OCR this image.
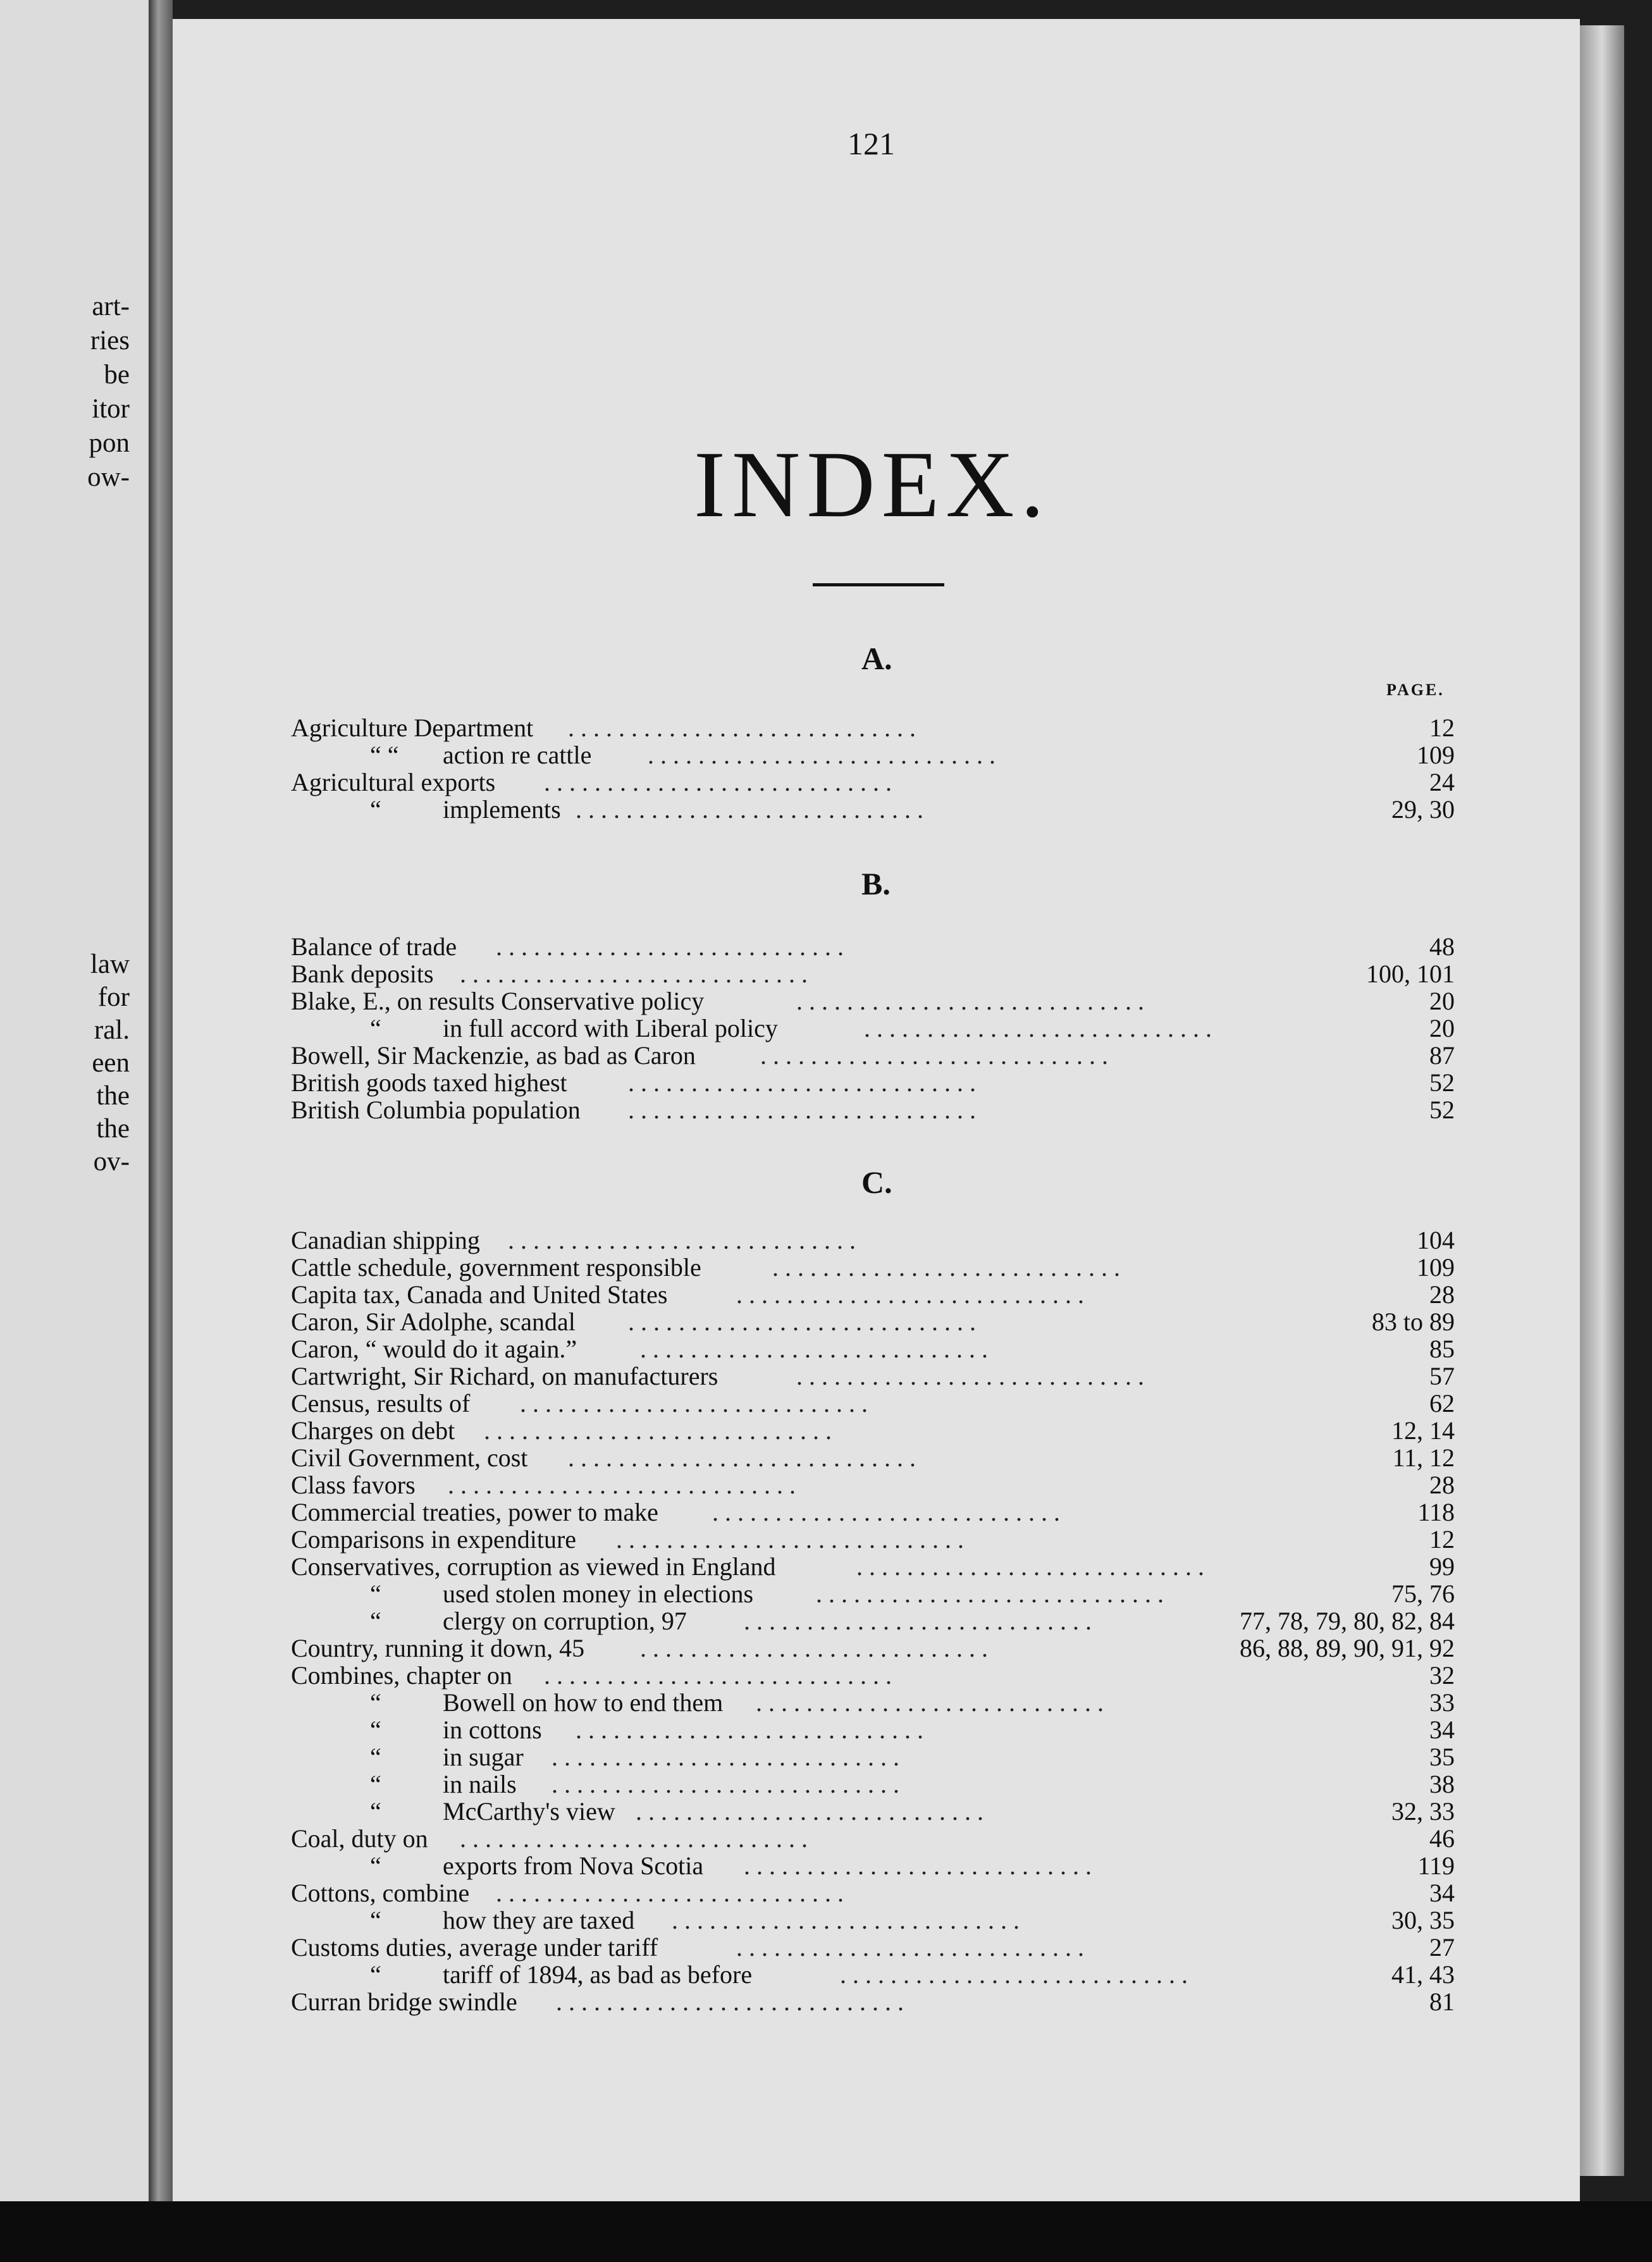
art-
ries
be
itor
pon
ow-
law
for
ral.
een
the
the
ov-
121
INDEX.
PAGE.
A.
Agriculture Department . . . . . . . . . . . . . . . . . . . . . . . . . . . .	12
“ “ action re cattle . . . . . . . . . . . . . . . . . . . . . . . . . . . .	109
Agricultural exports . . . . . . . . . . . . . . . . . . . . . . . . . . . .	24
“ implements . . . . . . . . . . . . . . . . . . . . . . . . . . . .	29, 30
B.
Balance of trade . . . . . . . . . . . . . . . . . . . . . . . . . . . .	48
Bank deposits . . . . . . . . . . . . . . . . . . . . . . . . . . . .	100, 101
Blake, E., on results Conservative policy	. . . . . . . . . . . . . . . . . . . . . . . . . . . .	20
“ in full accord with Liberal policy	. . . . . . . . . . . . . . . . . . . . . . . . . . . .	20
Bowell, Sir Mackenzie, as bad as Caron	. . . . . . . . . . . . . . . . . . . . . . . . . . . .	87
British goods taxed highest . . . . . . . . . . . . . . . . . . . . . . . . . . . .	52
British Columbia population . . . . . . . . . . . . . . . . . . . . . . . . . . . .	52
C.
Canadian shipping . . . . . . . . . . . . . . . . . . . . . . . . . . . .	104
Cattle schedule, government responsible	. . . . . . . . . . . . . . . . . . . . . . . . . . . .	109
Capita tax, Canada and United States	. . . . . . . . . . . . . . . . . . . . . . . . . . . .	28
Caron, Sir Adolphe, scandal . . . . . . . . . . . . . . . . . . . . . . . . . . . .	83 to 89
Caron, “ would do it again.” . . . . . . . . . . . . . . . . . . . . . . . . . . . .	85
Cartwright, Sir Richard, on manufacturers	. . . . . . . . . . . . . . . . . . . . . . . . . . . .	57
Census, results of . . . . . . . . . . . . . . . . . . . . . . . . . . . .	62
Charges on debt . . . . . . . . . . . . . . . . . . . . . . . . . . . .	12, 14
Civil Government, cost . . . . . . . . . . . . . . . . . . . . . . . . . . . .	11, 12
Class favors . . . . . . . . . . . . . . . . . . . . . . . . . . . .	28
Commercial treaties, power to make . . . . . . . . . . . . . . . . . . . . . . . . . . . .	118
Comparisons in expenditure . . . . . . . . . . . . . . . . . . . . . . . . . . . .	12
Conservatives, corruption as viewed in England	. . . . . . . . . . . . . . . . . . . . . . . . . . . .	99
“ used stolen money in elections . . . . . . . . . . . . . . . . . . . . . . . . . . . .	75, 76
“ clergy on corruption, 97 . . . . . . . . . . . . . . . . . . . . . . . . . . . .	77, 78, 79, 80, 82, 84
Country, running it down, 45 . . . . . . . . . . . . . . . . . . . . . . . . . . . .	86, 88, 89, 90, 91, 92
Combines, chapter on . . . . . . . . . . . . . . . . . . . . . . . . . . . .	32
“ Bowell on how to end them . . . . . . . . . . . . . . . . . . . . . . . . . . . .	33
“ in cottons . . . . . . . . . . . . . . . . . . . . . . . . . . . .	34
“ in sugar . . . . . . . . . . . . . . . . . . . . . . . . . . . .	35
“ in nails . . . . . . . . . . . . . . . . . . . . . . . . . . . .	38
“ McCarthy's view . . . . . . . . . . . . . . . . . . . . . . . . . . . .	32, 33
Coal, duty on . . . . . . . . . . . . . . . . . . . . . . . . . . . .	46
“ exports from Nova Scotia . . . . . . . . . . . . . . . . . . . . . . . . . . . .	119
Cottons, combine . . . . . . . . . . . . . . . . . . . . . . . . . . . .	34
“ how they are taxed . . . . . . . . . . . . . . . . . . . . . . . . . . . .	30, 35
Customs duties, average under tariff	. . . . . . . . . . . . . . . . . . . . . . . . . . . .	27
“ tariff of 1894, as bad as before	. . . . . . . . . . . . . . . . . . . . . . . . . . . .	41, 43
Curran bridge swindle . . . . . . . . . . . . . . . . . . . . . . . . . . . .	81
